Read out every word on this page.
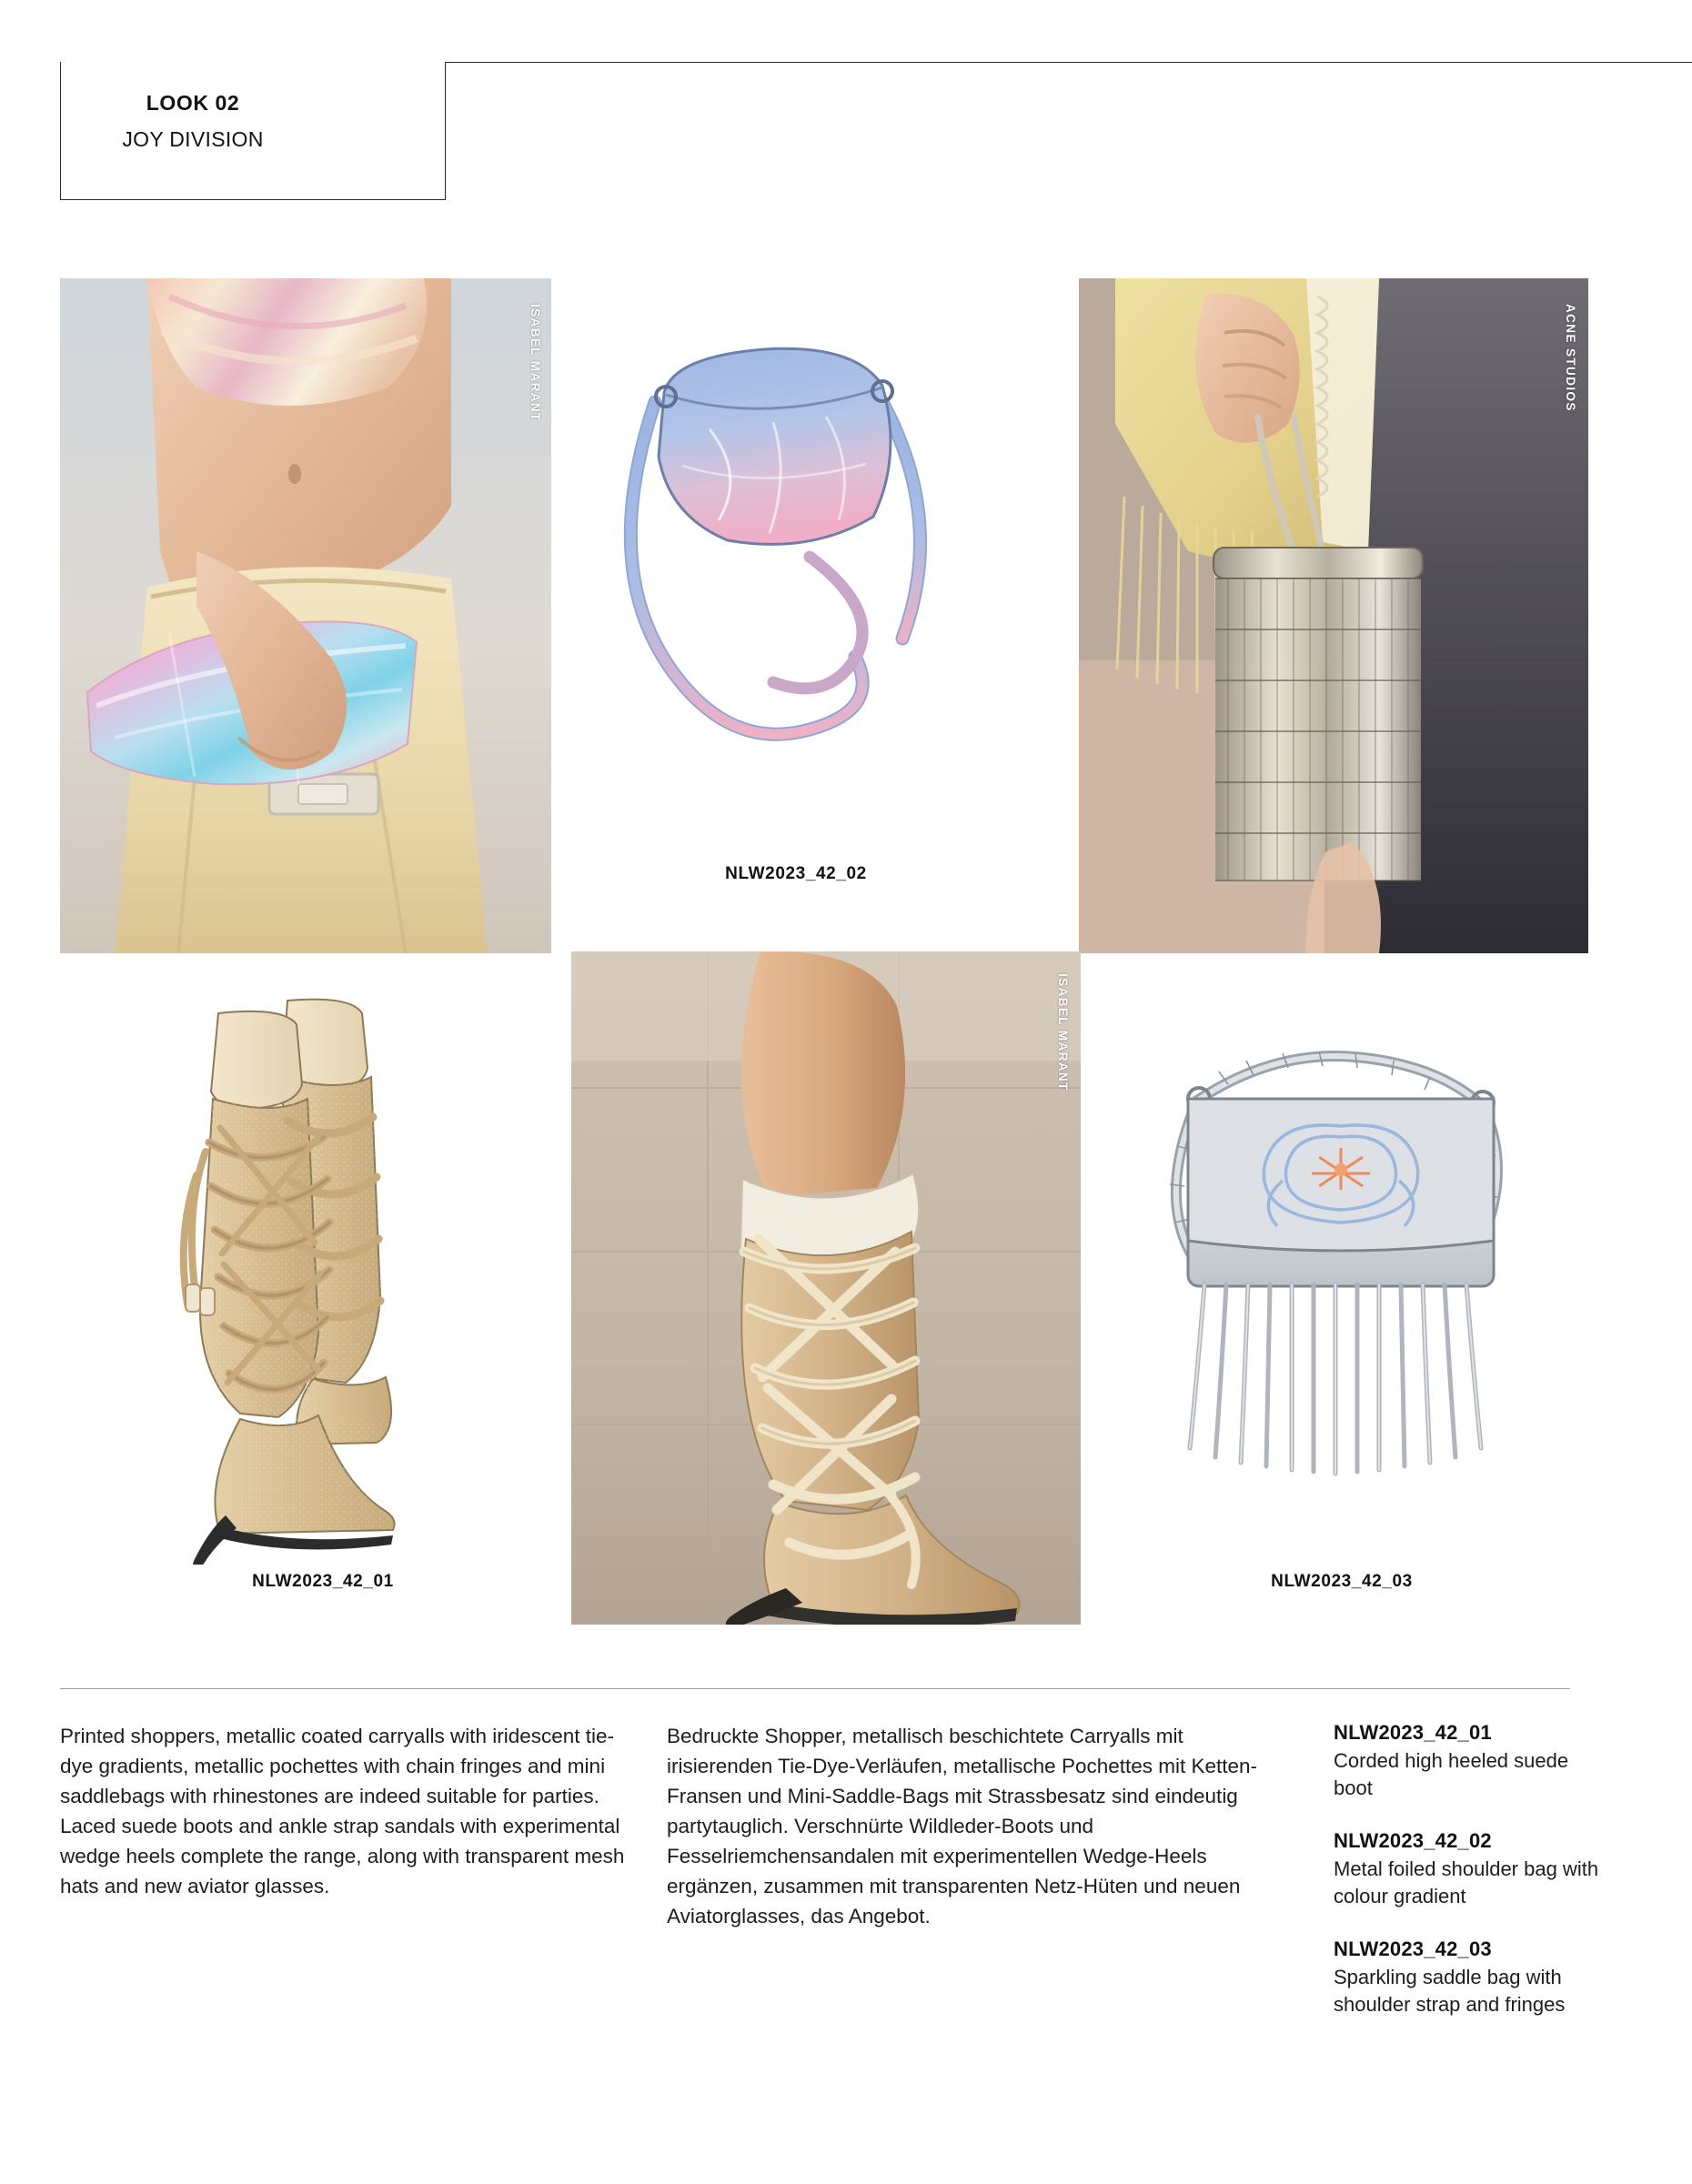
LOOK 02
JOY DIVISION
ISABEL MARANT
NLW2023_42_02
ACNE STUDIOS
NLW2023_42_01
ISABEL MARANT
NLW2023_42_03
Printed shoppers, metallic coated carryalls with iridescent tie-dye gradients, metallic pochettes with chain fringes and mini saddlebags with rhinestones are indeed suitable for parties. Laced suede boots and ankle strap sandals with experimental wedge heels complete the range, along with transparent mesh hats and new aviator glasses.
Bedruckte Shopper, metallisch beschichtete Carryalls mit irisierenden Tie-Dye-Verläufen, metallische Pochettes mit Ketten-Fransen und Mini-Saddle-Bags mit Strassbesatz sind eindeutig partytauglich. Verschnürte Wildleder-Boots und Fesselriemchensandalen mit experimentellen Wedge-Heels ergänzen, zusammen mit transparenten Netz-Hüten und neuen Aviatorglasses, das Angebot.
NLW2023_42_01
Corded high heeled suede boot
NLW2023_42_02
Metal foiled shoulder bag with colour gradient
NLW2023_42_03
Sparkling saddle bag with shoulder strap and fringes
